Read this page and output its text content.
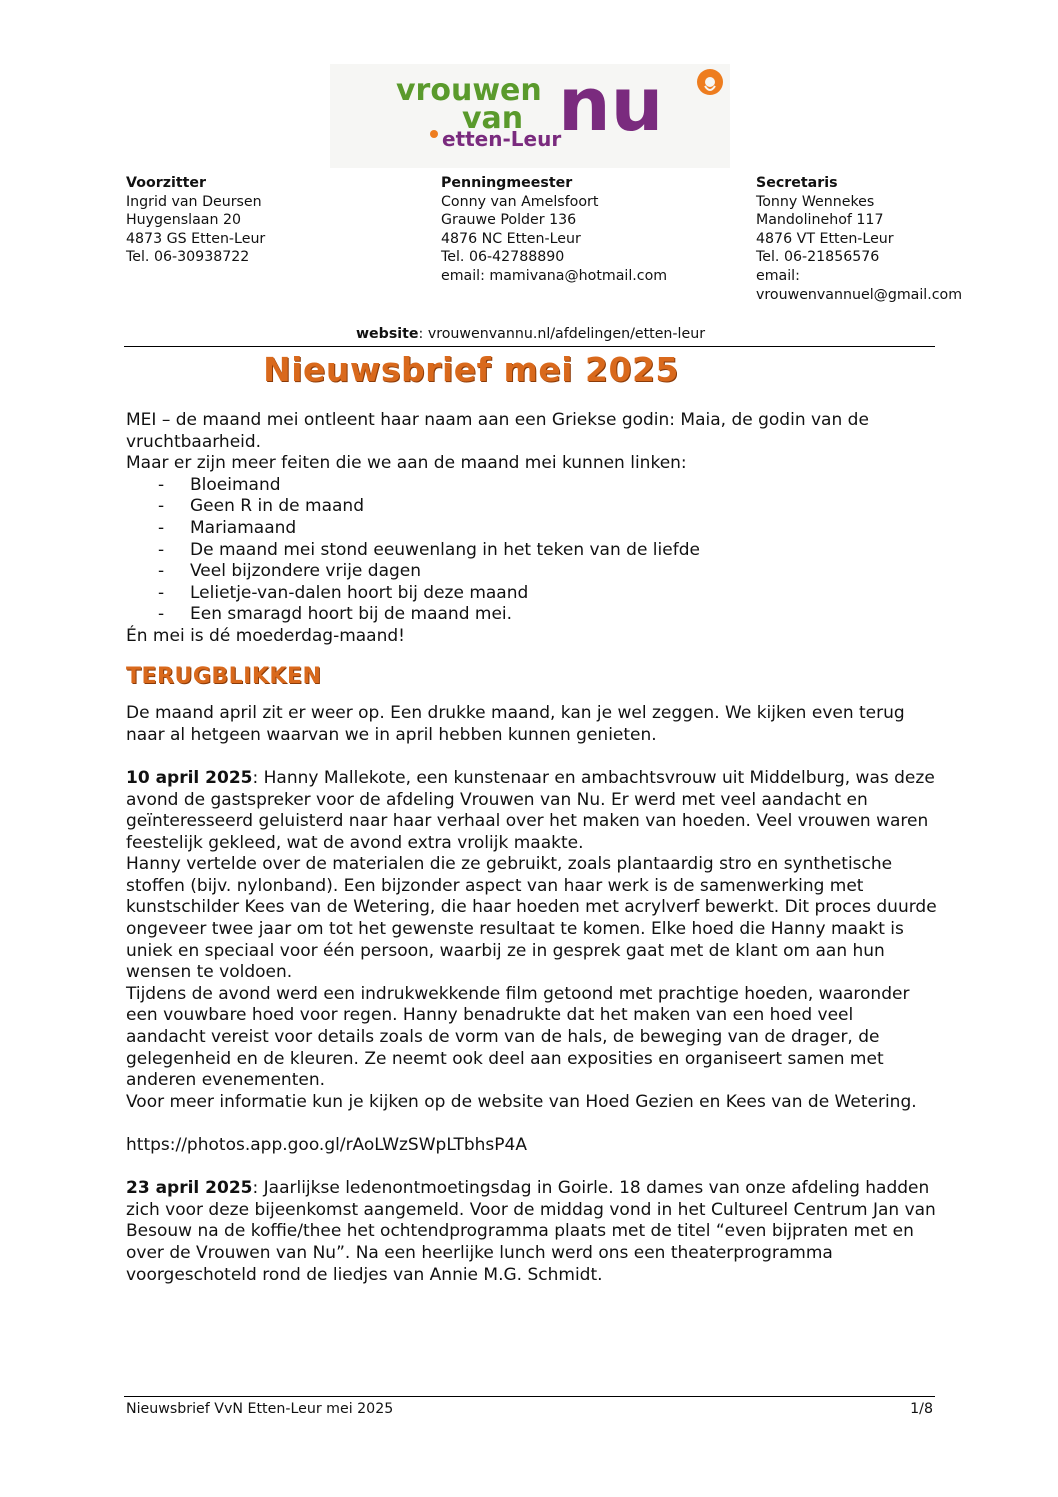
vrouwen
van nu
etten-Leur
Voorzitter
Ingrid van Deursen
Huygenslaan 20
4873 GS Etten-Leur
Tel. 06-30938722
Penningmeester
Conny van Amelsfoort
Grauwe Polder 136
4876 NC Etten-Leur
Tel. 06-42788890
email: mamivana@hotmail.com
Secretaris
Tonny Wennekes
Mandolinehof 117
4876 VT Etten-Leur
Tel. 06-21856576
email:
vrouwenvannuel@gmail.com
website: vrouwenvannu.nl/afdelingen/etten-leur
Nieuwsbrief mei 2025

MEI – de maand mei ontleent haar naam aan een Griekse godin: Maia, de godin van de vruchtbaarheid.

Maar er zijn meer feiten die we aan de maand mei kunnen linken:

- Bloeimand
- Geen R in de maand
- Mariamaand
- De maand mei stond eeuwenlang in het teken van de liefde
- Veel bijzondere vrije dagen
- Lelietje-van-dalen hoort bij deze maand
- Een smaragd hoort bij de maand mei.

Én mei is dé moederdag-maand!

TERUGBLIKKEN

De maand april zit er weer op. Een drukke maand, kan je wel zeggen. We kijken even terug naar al hetgeen waarvan we in april hebben kunnen genieten.

10 april 2025: Hanny Mallekote, een kunstenaar en ambachtsvrouw uit Middelburg, was deze avond de gastspreker voor de afdeling Vrouwen van Nu. Er werd met veel aandacht en geïnteresseerd geluisterd naar haar verhaal over het maken van hoeden. Veel vrouwen waren feestelijk gekleed, wat de avond extra vrolijk maakte.

Hanny vertelde over de materialen die ze gebruikt, zoals plantaardig stro en synthetische stoffen (bijv. nylonband). Een bijzonder aspect van haar werk is de samenwerking met kunstschilder Kees van de Wetering, die haar hoeden met acrylverf bewerkt. Dit proces duurde ongeveer twee jaar om tot het gewenste resultaat te komen. Elke hoed die Hanny maakt is uniek en speciaal voor één persoon, waarbij ze in gesprek gaat met de klant om aan hun wensen te voldoen.

Tijdens de avond werd een indrukwekkende film getoond met prachtige hoeden, waaronder een vouwbare hoed voor regen. Hanny benadrukte dat het maken van een hoed veel aandacht vereist voor details zoals de vorm van de hals, de beweging van de drager, de gelegenheid en de kleuren. Ze neemt ook deel aan exposities en organiseert samen met anderen evenementen.

Voor meer informatie kun je kijken op de website van Hoed Gezien en Kees van de Wetering.

https://photos.app.goo.gl/rAoLWzSWpLTbhsP4A

23 april 2025: Jaarlijkse ledenontmoetingsdag in Goirle. 18 dames van onze afdeling hadden zich voor deze bijeenkomst aangemeld. Voor de middag vond in het Cultureel Centrum Jan van Besouw na de koffie/thee het ochtendprogramma plaats met de titel “even bijpraten met en over de Vrouwen van Nu”. Na een heerlijke lunch werd ons een theaterprogramma voorgeschoteld rond de liedjes van Annie M.G. Schmidt.

Nieuwsbrief VvN Etten-Leur mei 2025	1/8
